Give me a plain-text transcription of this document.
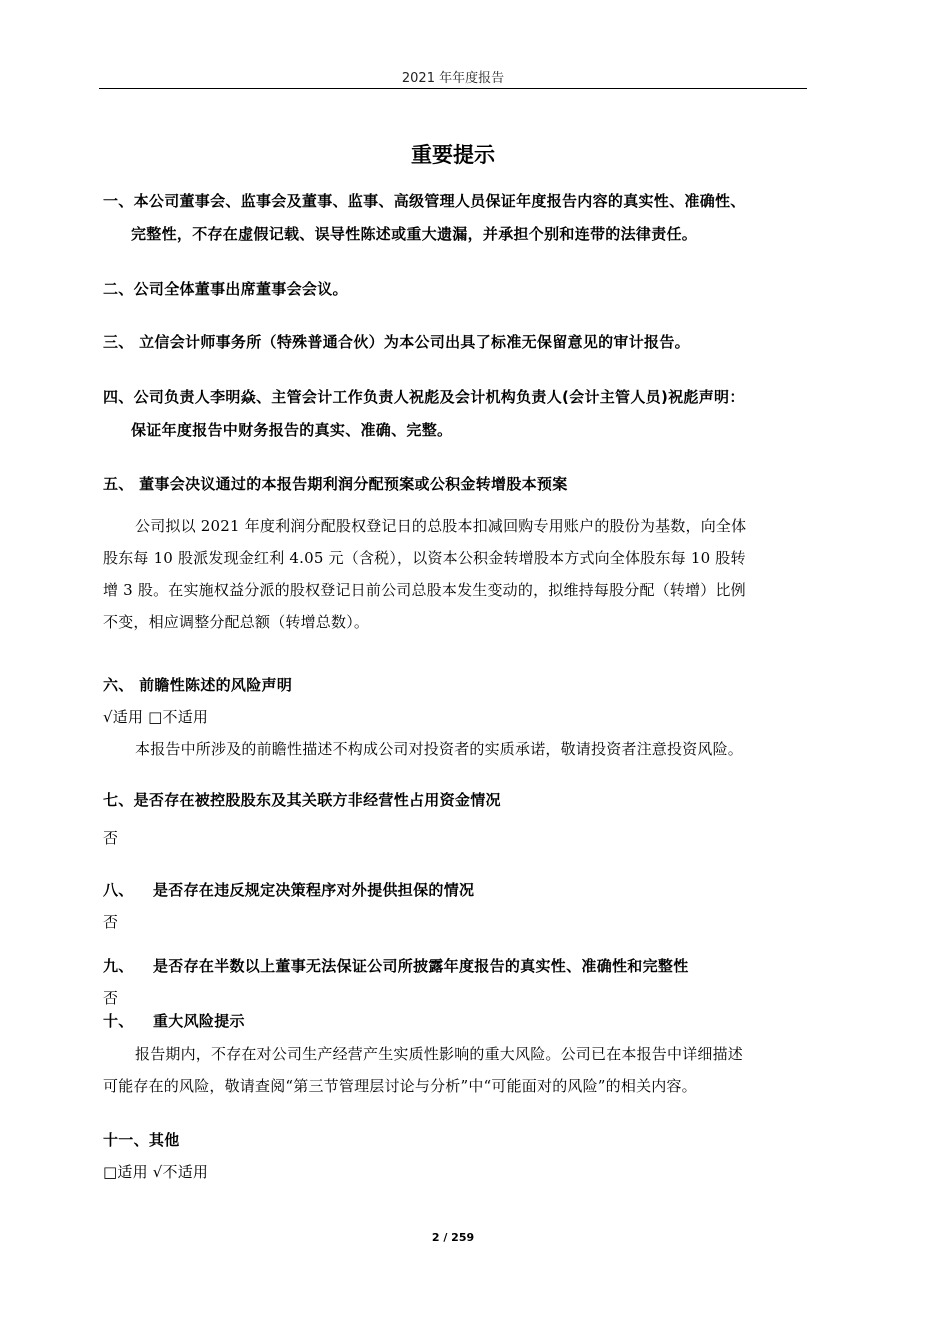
2021 年年度报告
重要提示
一、本公司董事会、监事会及董事、监事、高级管理人员保证年度报告内容的真实性、准确性、
完整性，不存在虚假记载、误导性陈述或重大遗漏，并承担个别和连带的法律责任。
二、公司全体董事出席董事会会议。
三、 立信会计师事务所（特殊普通合伙）为本公司出具了标准无保留意见的审计报告。
四、公司负责人李明焱、主管会计工作负责人祝彪及会计机构负责人(会计主管人员)祝彪声明：
保证年度报告中财务报告的真实、准确、完整。
五、 董事会决议通过的本报告期利润分配预案或公积金转增股本预案
公司拟以 2021 年度利润分配股权登记日的总股本扣减回购专用账户的股份为基数，向全体
股东每 10 股派发现金红利 4.05 元（含税），以资本公积金转增股本方式向全体股东每 10 股转
增 3 股。在实施权益分派的股权登记日前公司总股本发生变动的，拟维持每股分配（转增）比例
不变，相应调整分配总额（转增总数）。
六、 前瞻性陈述的风险声明
√适用 □不适用
本报告中所涉及的前瞻性描述不构成公司对投资者的实质承诺，敬请投资者注意投资风险。
七、是否存在被控股股东及其关联方非经营性占用资金情况
否
八、 是否存在违反规定决策程序对外提供担保的情况
否
九、 是否存在半数以上董事无法保证公司所披露年度报告的真实性、准确性和完整性
否
十、 重大风险提示
报告期内，不存在对公司生产经营产生实质性影响的重大风险。公司已在本报告中详细描述
可能存在的风险，敬请查阅“第三节管理层讨论与分析”中“可能面对的风险”的相关内容。
十一、其他
□适用 √不适用
2 / 259
